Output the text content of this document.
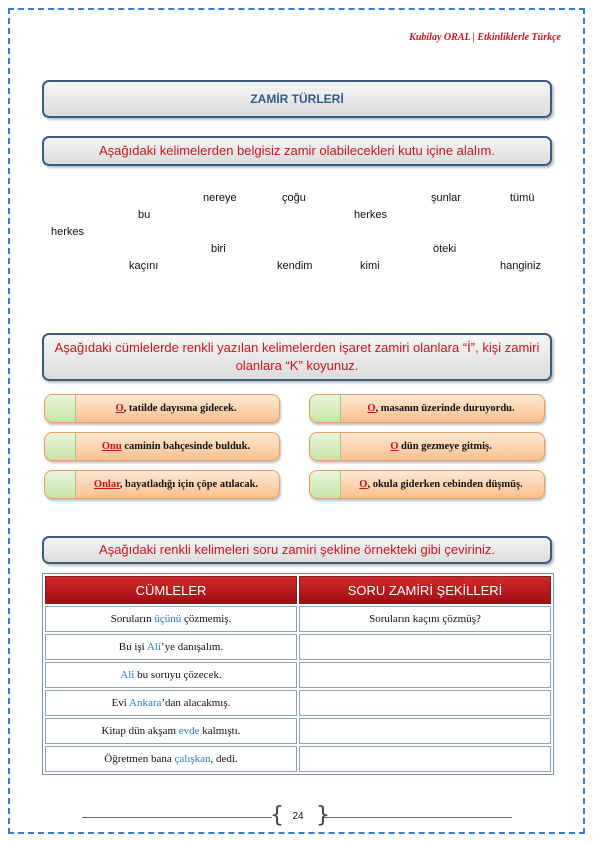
Kubilay ORAL | Etkinliklerle Türkçe
ZAMİR TÜRLERİ
Aşağıdaki kelimelerden belgisiz zamir olabilecekleri kutu içine alalım.
nereye	çoğu	şunlar	tümü
bu	herkes
herkes
biri	öteki
kaçını	kendim	kimi	hanginiz
Aşağıdaki cümlelerde renkli yazılan kelimelerden işaret zamiri olanlara “İ”, kişi zamiri olanlara “K” koyunuz.
O, tatilde dayısına gidecek.	O, masanın üzerinde duruyordu.
Onu caminin bahçesinde bulduk.	O dün gezmeye gitmiş.
Onlar, bayatladığı için çöpe atılacak.	O, okula giderken cebinden düşmüş.
Aşağıdaki renkli kelimeleri soru zamiri şekline örnekteki gibi çeviriniz.
CÜMLELER	SORU ZAMİRİ ŞEKİLLERİ
Soruların üçünü çözmemiş.	Soruların kaçını çözmüş?
Bu işi Ali’ye danışalım.	
Ali bu soruyu çözecek.	
Evi Ankara’dan alacakmış.	
Kitap dün akşam evde kalmıştı.	
Öğretmen bana çalışkan, dedi.	
{ }
24
